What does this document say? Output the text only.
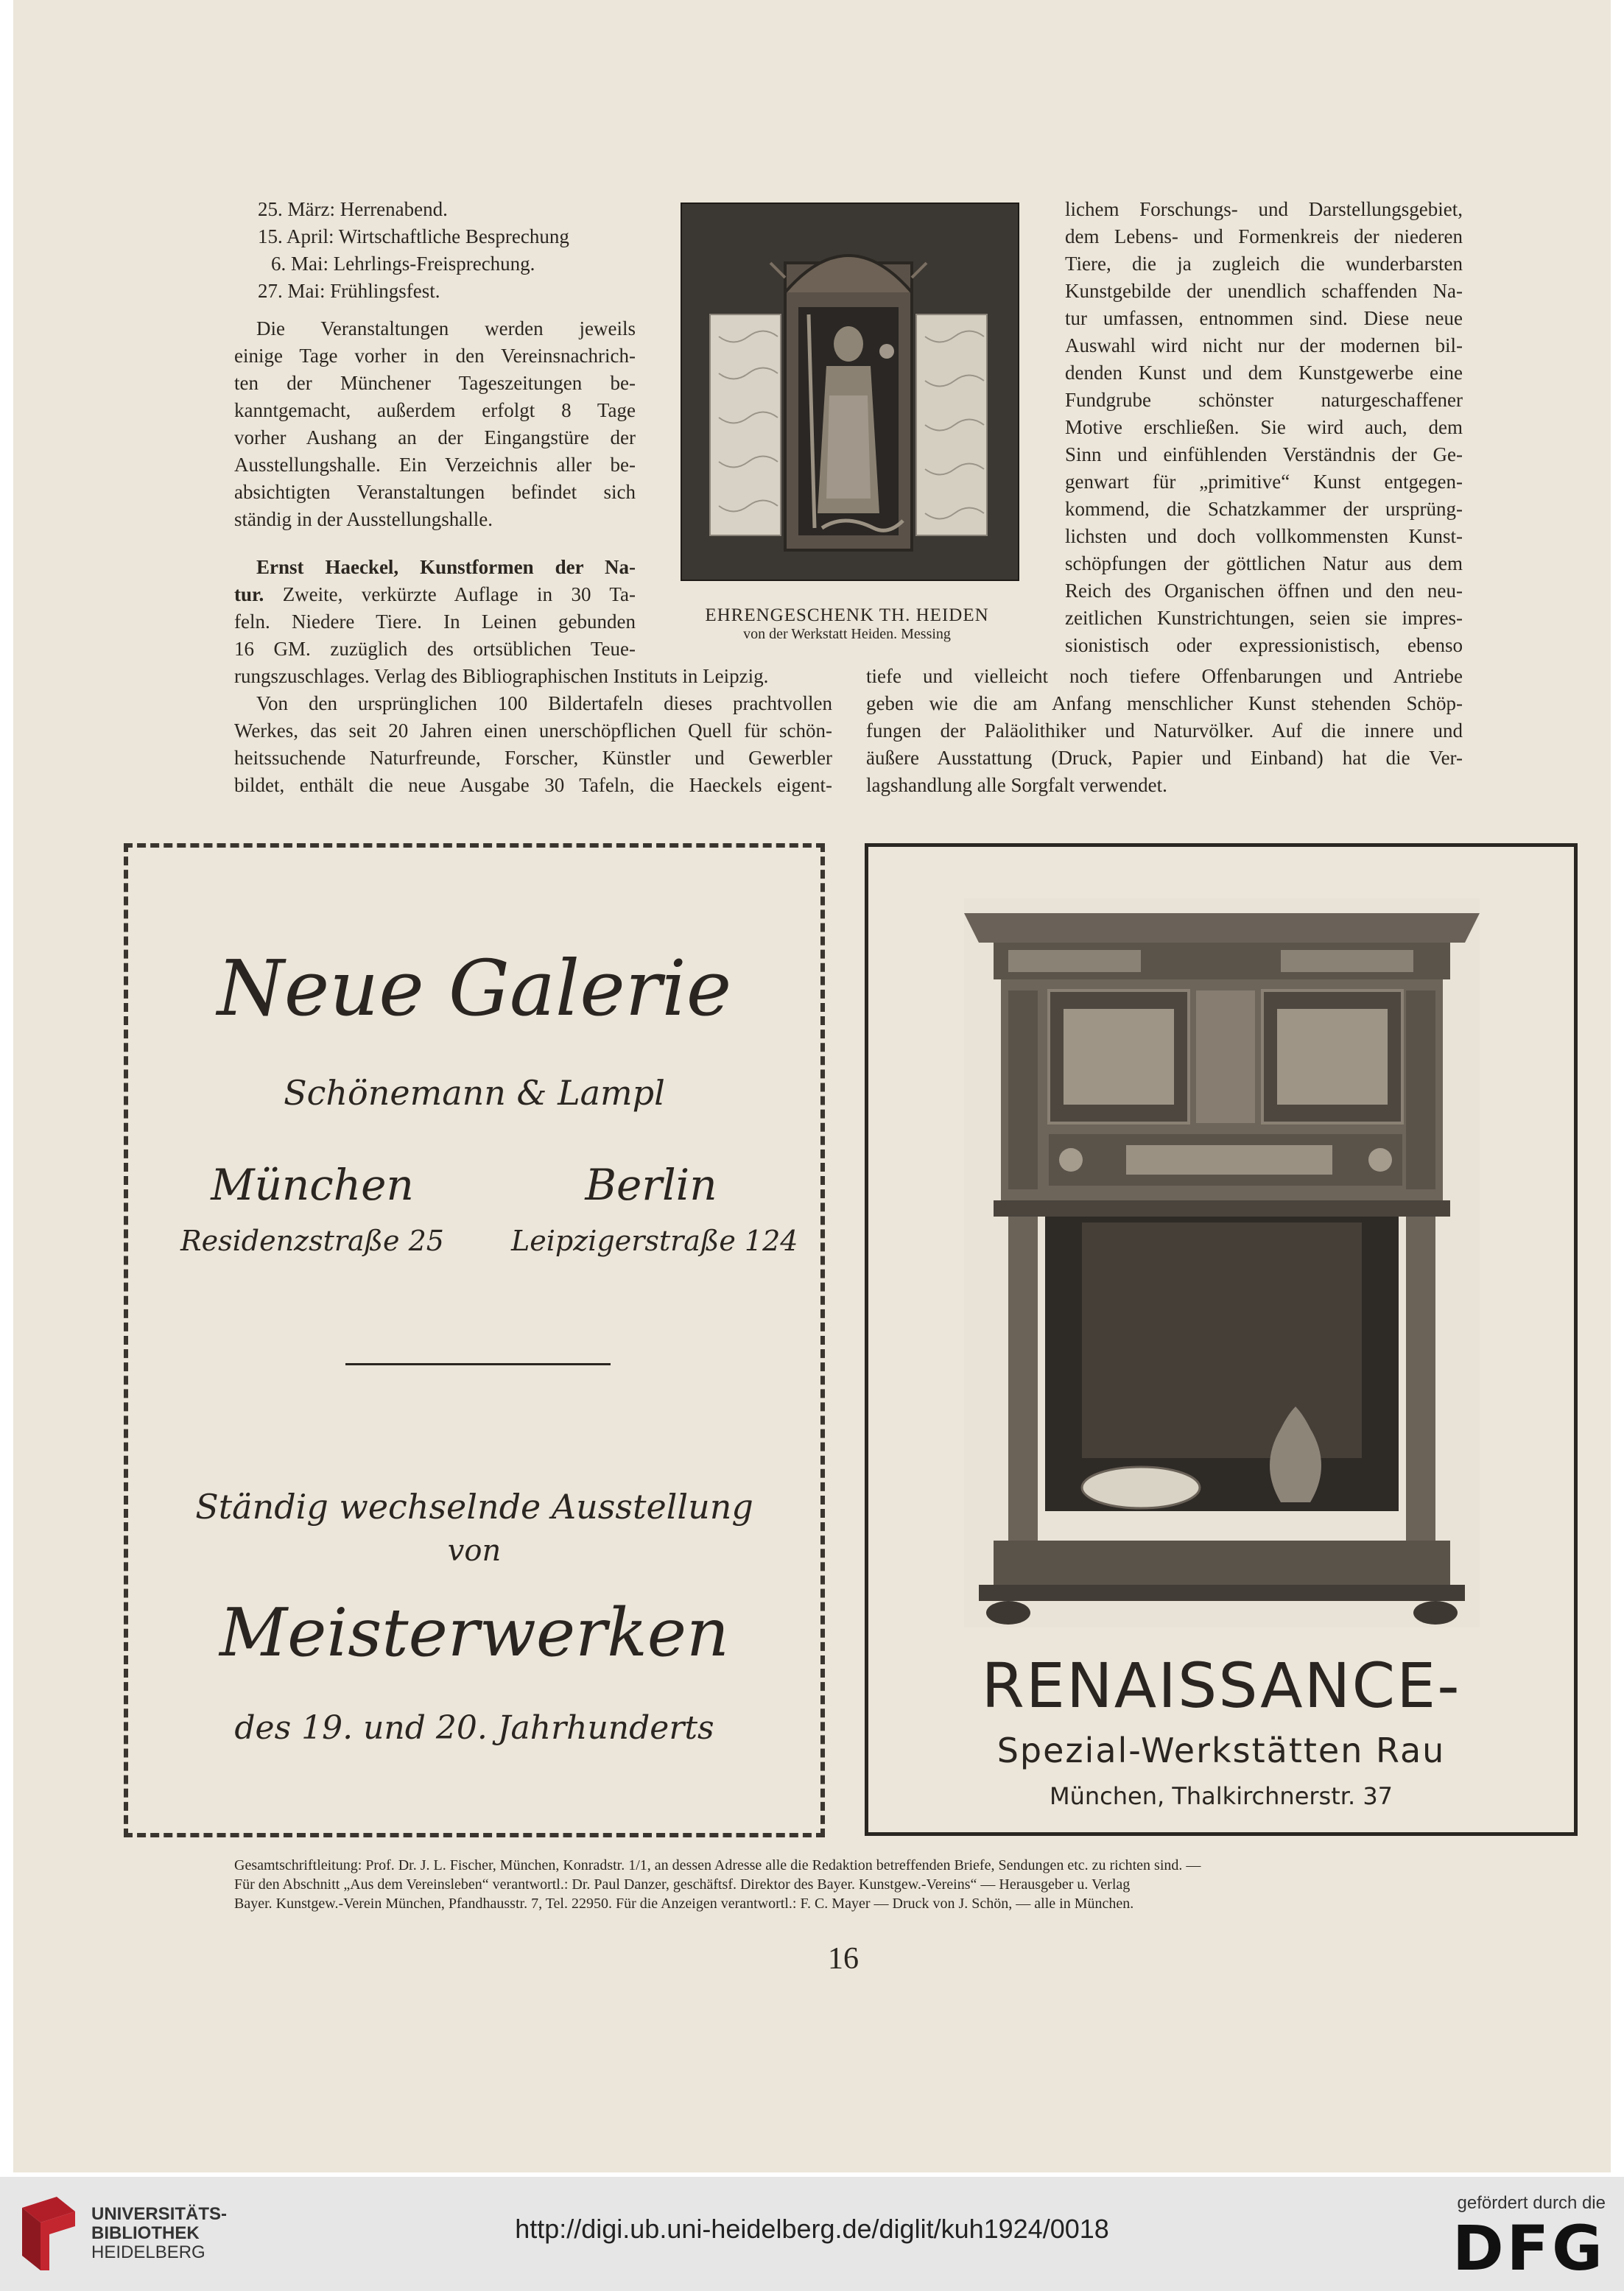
25. März: Herrenabend.
15. April: Wirtschaftliche Besprechung
6. Mai: Lehrlings-Freisprechung.
27. Mai: Frühlingsfest.
Die Veranstaltungen werden jeweils
einige Tage vorher in den Vereinsnachrich-
ten der Münchener Tageszeitungen be-
kanntgemacht, außerdem erfolgt 8 Tage
vorher Aushang an der Eingangstüre der
Ausstellungshalle. Ein Verzeichnis aller be-
absichtigten Veranstaltungen befindet sich
ständig in der Ausstellungshalle.
Ernst Haeckel, Kunstformen der Na-
tur. Zweite, verkürzte Auflage in 30 Ta-
feln. Niedere Tiere. In Leinen gebunden
16 GM. zuzüglich des ortsüblichen Teue-
rungszuschlages. Verlag des Bibliographischen Instituts in Leipzig.
Von den ursprünglichen 100 Bildertafeln dieses prachtvollen
Werkes, das seit 20 Jahren einen unerschöpflichen Quell für schön-
heitssuchende Naturfreunde, Forscher, Künstler und Gewerbler
bildet, enthält die neue Ausgabe 30 Tafeln, die Haeckels eigent-
EHRENGESCHENK TH. HEIDEN
von der Werkstatt Heiden. Messing
lichem Forschungs- und Darstellungsgebiet,
dem Lebens- und Formenkreis der niederen
Tiere, die ja zugleich die wunderbarsten
Kunstgebilde der unendlich schaffenden Na-
tur umfassen, entnommen sind. Diese neue
Auswahl wird nicht nur der modernen bil-
denden Kunst und dem Kunstgewerbe eine
Fundgrube schönster naturgeschaffener
Motive erschließen. Sie wird auch, dem
Sinn und einfühlenden Verständnis der Ge-
genwart für „primitive“ Kunst entgegen-
kommend, die Schatzkammer der ursprüng-
lichsten und doch vollkommensten Kunst-
schöpfungen der göttlichen Natur aus dem
Reich des Organischen öffnen und den neu-
zeitlichen Kunstrichtungen, seien sie impres-
sionistisch oder expressionistisch, ebenso
tiefe und vielleicht noch tiefere Offenbarungen und Antriebe
geben wie die am Anfang menschlicher Kunst stehenden Schöp-
fungen der Paläolithiker und Naturvölker. Auf die innere und
äußere Ausstattung (Druck, Papier und Einband) hat die Ver-
lagshandlung alle Sorgfalt verwendet.
Neue Galerie
Schönemann & Lampl
München
Residenzstraße 25
Berlin
Leipzigerstraße 124
Ständig wechselnde Ausstellung
von
Meisterwerken
des 19. und 20. Jahrhunderts
RENAISSANCE-
Spezial-Werkstätten Rau
München, Thalkirchnerstr. 37
Gesamtschriftleitung: Prof. Dr. J. L. Fischer, München, Konradstr. 1/1, an dessen Adresse alle die Redaktion betreffenden Briefe, Sendungen etc. zu richten sind. —
Für den Abschnitt „Aus dem Vereinsleben“ verantwortl.: Dr. Paul Danzer, geschäftsf. Direktor des Bayer. Kunstgew.-Vereins“ — Herausgeber u. Verlag
Bayer. Kunstgew.-Verein München, Pfandhausstr. 7, Tel. 22950. Für die Anzeigen verantwortl.: F. C. Mayer — Druck von J. Schön, — alle in München.
16
UNIVERSITÄTS-
BIBLIOTHEK
HEIDELBERG
http://digi.ub.uni-heidelberg.de/diglit/kuh1924/0018
gefördert durch die
DFG
